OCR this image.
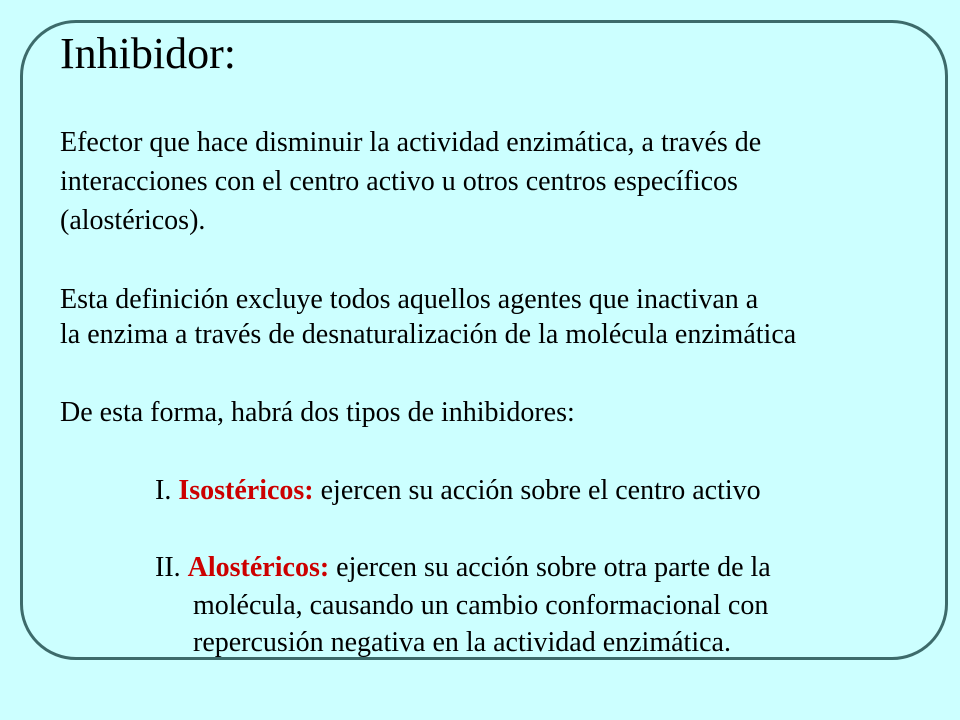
Inhibidor:
Efector que hace disminuir la actividad enzimática, a través de
interacciones con el centro activo u otros centros específicos
(alostéricos).
Esta definición excluye todos aquellos agentes que inactivan a
la enzima a través de desnaturalización de la molécula enzimática
De esta forma, habrá dos tipos de inhibidores:
I. Isostéricos: ejercen su acción sobre el centro activo
II. Alostéricos: ejercen su acción sobre otra parte de la
molécula, causando un cambio conformacional con
repercusión negativa en la actividad enzimática.
